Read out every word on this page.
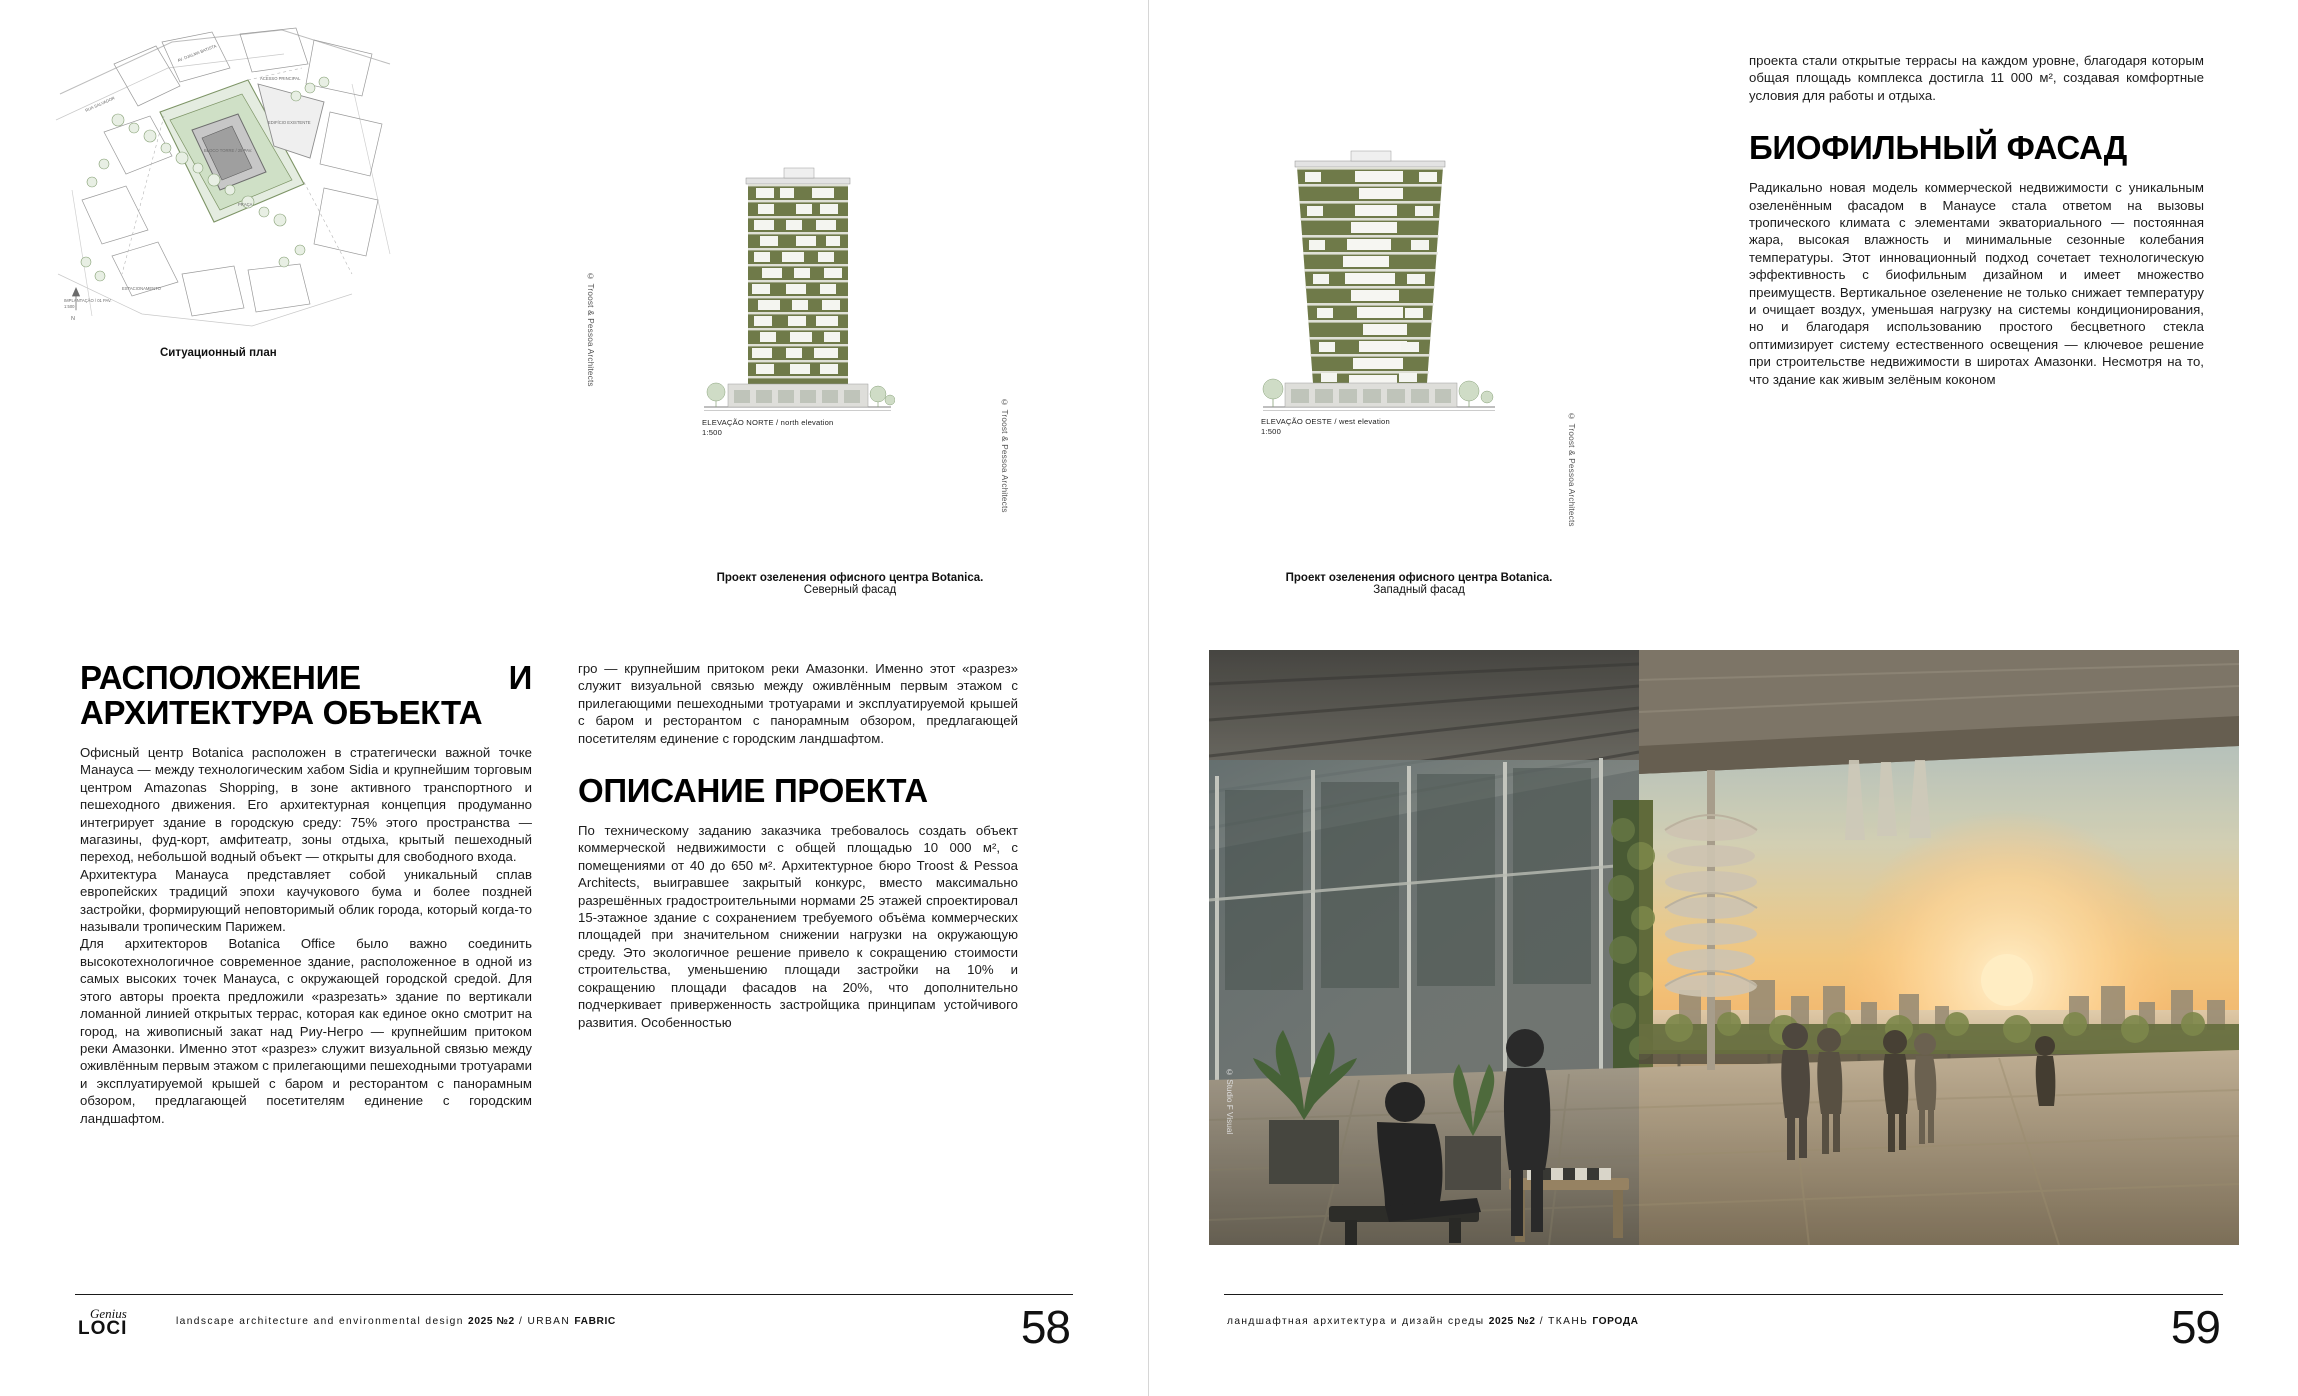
N
AV. DJALMA BATISTA
RUA SALVADOR
BLOCO TORRE / 25 PAV.
EDIFÍCIO EXISTENTE
PRAÇA
ESTACIONAMENTO
ACESSO PRINCIPAL
IMPLANTAÇÃO / 01 PAV.
1:500	© Troost & Pessoa Architects
Ситуационный план
ELEVAÇÃO NORTE / north elevation
1:500	© Troost & Pessoa Architects
Проект озеленения офисного центра Botanica.
Северный фасад
РАСПОЛОЖЕНИЕ И АРХИТЕКТУРА ОБЪЕКТА

Офисный центр Botanica расположен в стратегически важной точке Манауса — между технологическим хабом Sidia и крупнейшим торговым центром Amazonas Shopping, в зоне активного транспортного и пешеходного движения. Его архитектурная концепция продуманно интегрирует здание в городскую среду: 75% этого пространства — магазины, фуд-корт, амфитеатр, зоны отдыха, крытый пешеходный переход, небольшой водный объект — открыты для свободного входа.

Архитектура Манауса представляет собой уникальный сплав европейских традиций эпохи каучукового бума и более поздней застройки, формирующий неповторимый облик города, который когда-то называли тропическим Парижем.

Для архитекторов Botanica Office было важно соединить высокотехнологичное современное здание, расположенное в одной из самых высоких точек Манауса, с окружающей городской средой. Для этого авторы проекта предложили «разрезать» здание по вертикали ломанной линией открытых террас, которая как единое окно смотрит на город, на живописный закат над Риу-Негро — крупнейшим притоком реки Амазонки. Именно этот «разрез» служит визуальной связью между оживлённым первым этажом с прилегающими пешеходными тротуарами и эксплуатируемой крышей с баром и ресторантом с панорамным обзором, предлагающей посетителям единение с городским ландшафтом.

гро — крупнейшим притоком реки Амазонки. Именно этот «разрез» служит визуальной связью между оживлённым первым этажом с прилегающими пешеходными тротуарами и эксплуатируемой крышей с баром и ресторантом с панорамным обзором, предлагающей посетителям единение с городским ландшафтом.

ОПИСАНИЕ ПРОЕКТА

По техническому заданию заказчика требовалось создать объект коммерческой недвижимости с общей площадью 10 000 м², с помещениями от 40 до 650 м². Архитектурное бюро Troost & Pessoa Architects, выигравшее закрытый конкурс, вместо максимально разрешённых градостроительными нормами 25 этажей спроектировал 15-этажное здание с сохранением требуемого объёма коммерческих площадей при значительном снижении нагрузки на окружающую среду. Это экологичное решение привело к сокращению стоимости строительства, уменьшению площади застройки на 10% и сокращению площади фасадов на 20%, что дополнительно подчеркивает приверженность застройщика принципам устойчивого развития. Особенностью

Genius
LOCI	landscape architecture and environmental design 2025 №2 / URBAN FABRIC	58
ELEVAÇÃO OESTE / west elevation
1:500	© Troost & Pessoa Architects
Проект озеленения офисного центра Botanica.
Западный фасад

проекта стали открытые террасы на каждом уровне, благодаря которым общая площадь комплекса достигла 11 000 м², создавая комфортные условия для работы и отдыха.

БИОФИЛЬНЫЙ ФАСАД

Радикально новая модель коммерческой недвижимости с уникальным озеленённым фасадом в Манаусе стала ответом на вызовы тропического климата с элементами экваториального — постоянная жара, высокая влажность и минимальные сезонные колебания температуры. Этот инновационный подход сочетает технологическую эффективность с биофильным дизайном и имеет множество преимуществ. Вертикальное озеленение не только снижает температуру и очищает воздух, уменьшая нагрузку на системы кондиционирования, но и благодаря использованию простого бесцветного стекла оптимизирует систему естественного освещения — ключевое решение при строительстве недвижимости в широтах Амазонки. Несмотря на то, что здание как живым зелёным коконом

© Studio F Visual
ландшафтная архитектура и дизайн среды 2025 №2 / ТКАНЬ ГОРОДА	59
